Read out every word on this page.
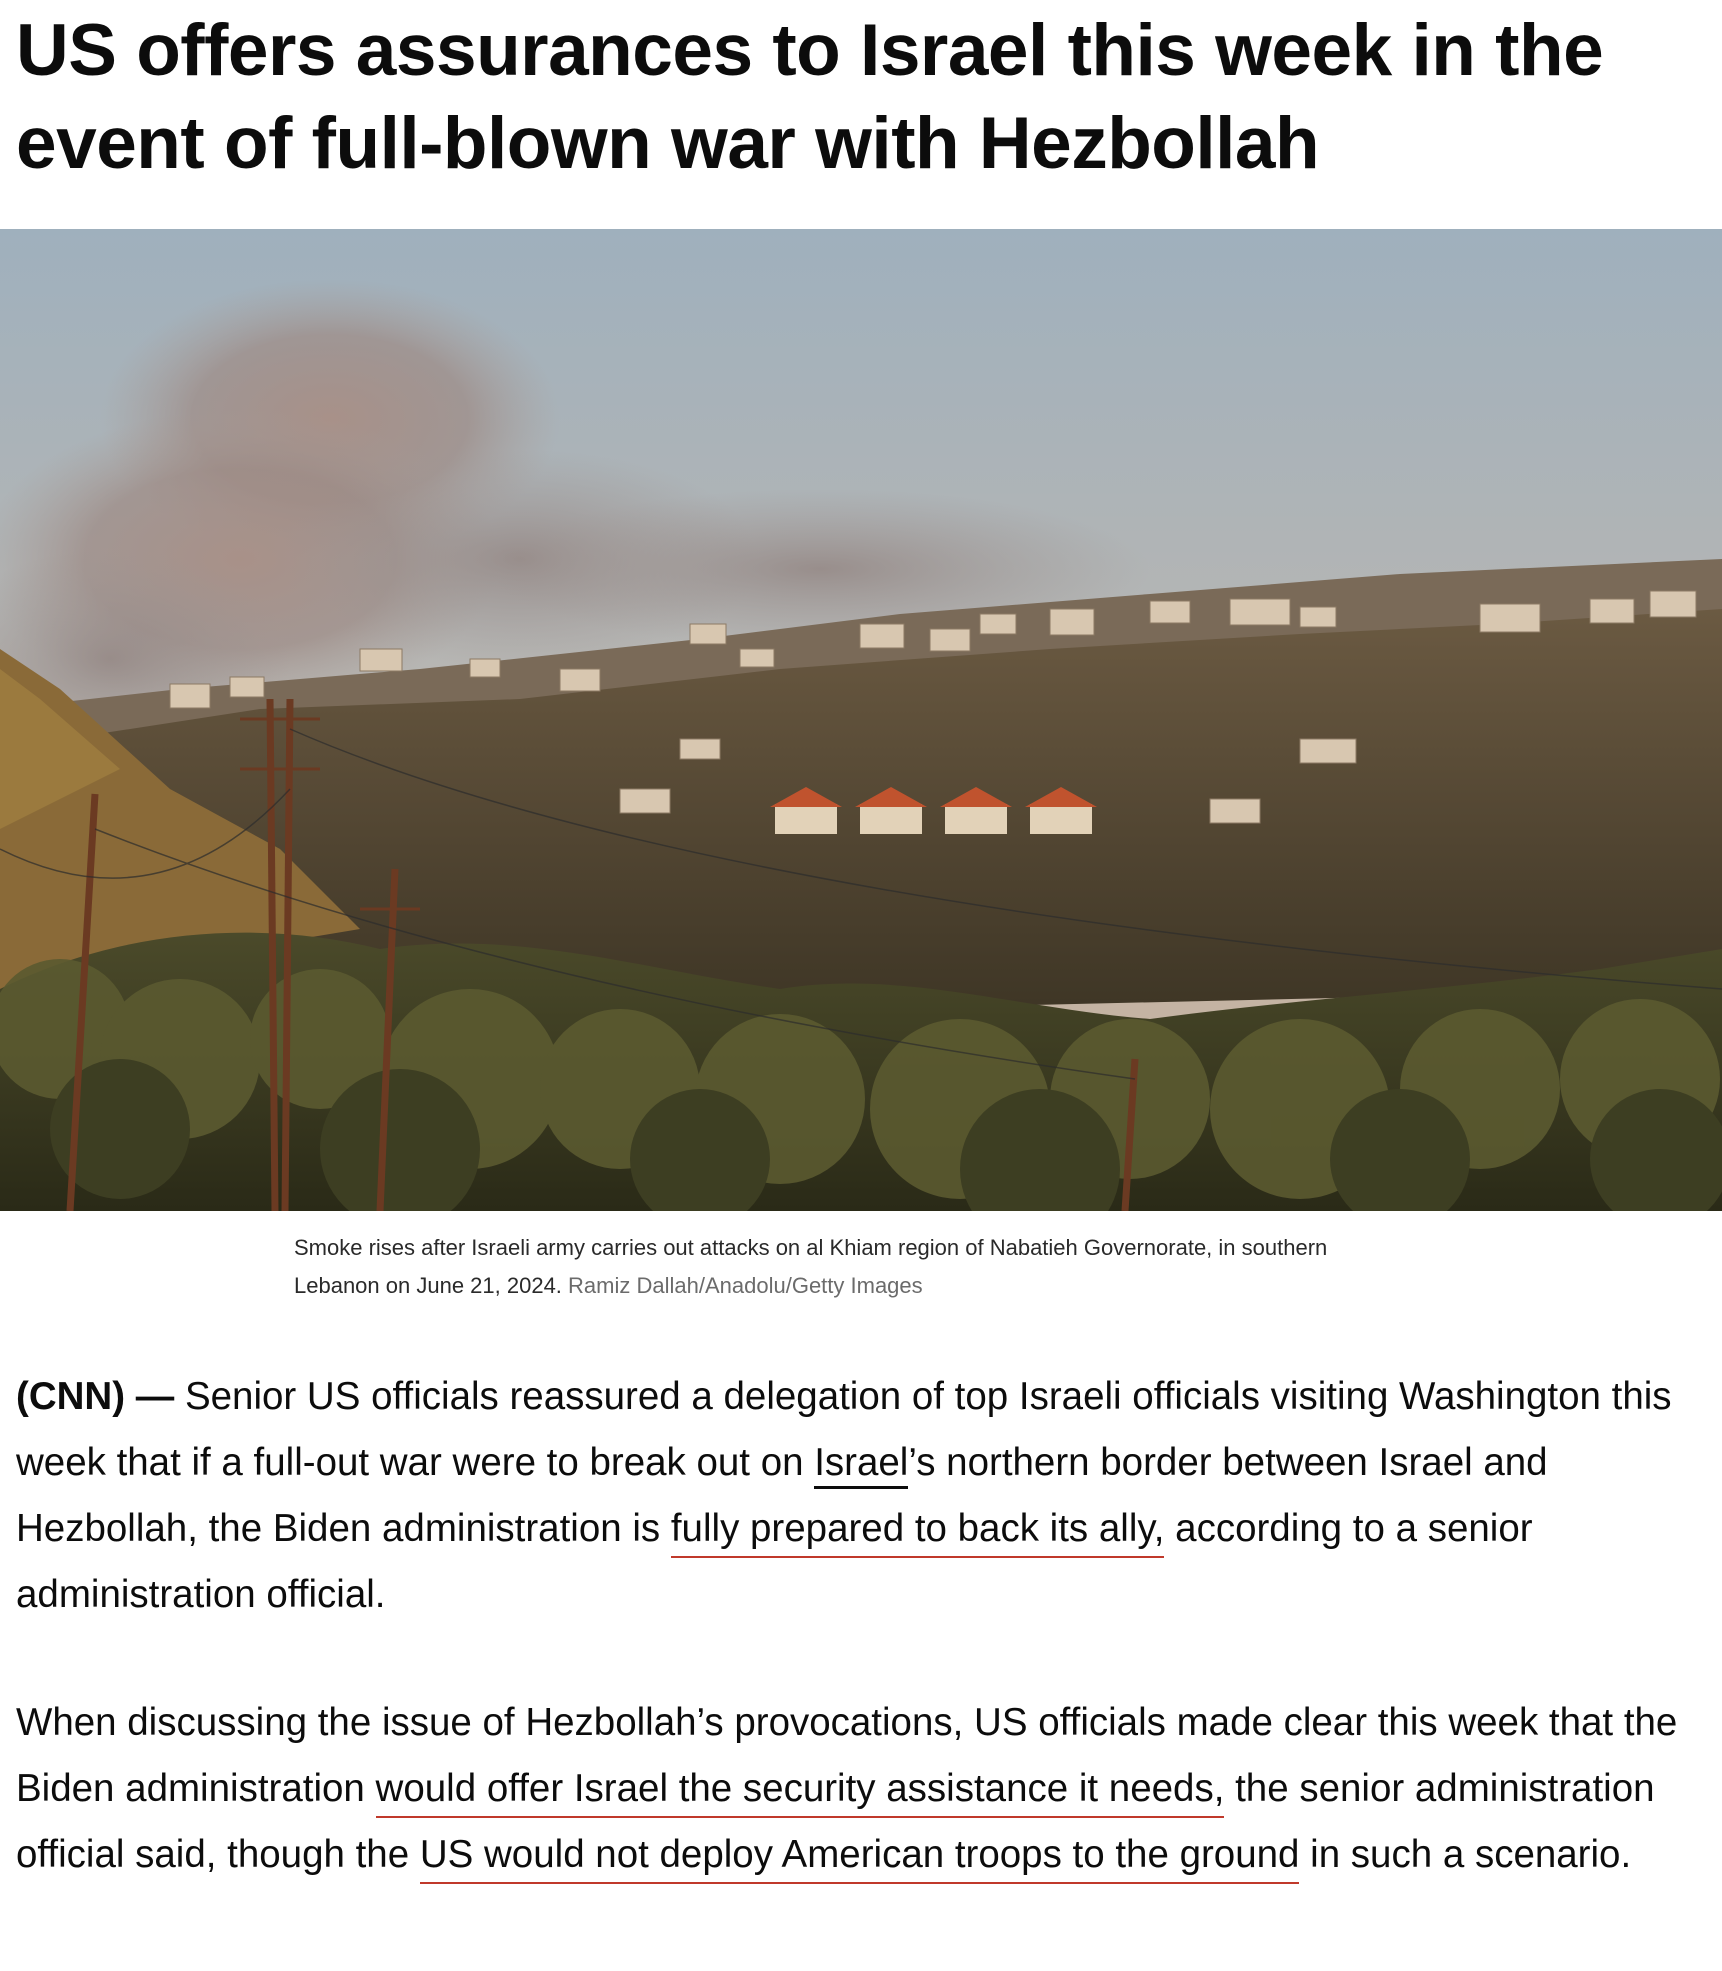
US offers assurances to Israel this week in the event of full-blown war with Hezbollah
Smoke rises after Israeli army carries out attacks on al Khiam region of Nabatieh Governorate, in southern Lebanon on June 21, 2024. Ramiz Dallah/Anadolu/Getty Images

(CNN) — Senior US officials reassured a delegation of top Israeli officials visiting Washington this week that if a full-out war were to break out on Israel’s northern border between Israel and Hezbollah, the Biden administration is fully prepared to back its ally, according to a senior administration official.

When discussing the issue of Hezbollah’s provocations, US officials made clear this week that the Biden administration would offer Israel the security assistance it needs, the senior administration official said, though the US would not deploy American troops to the ground in such a scenario.
